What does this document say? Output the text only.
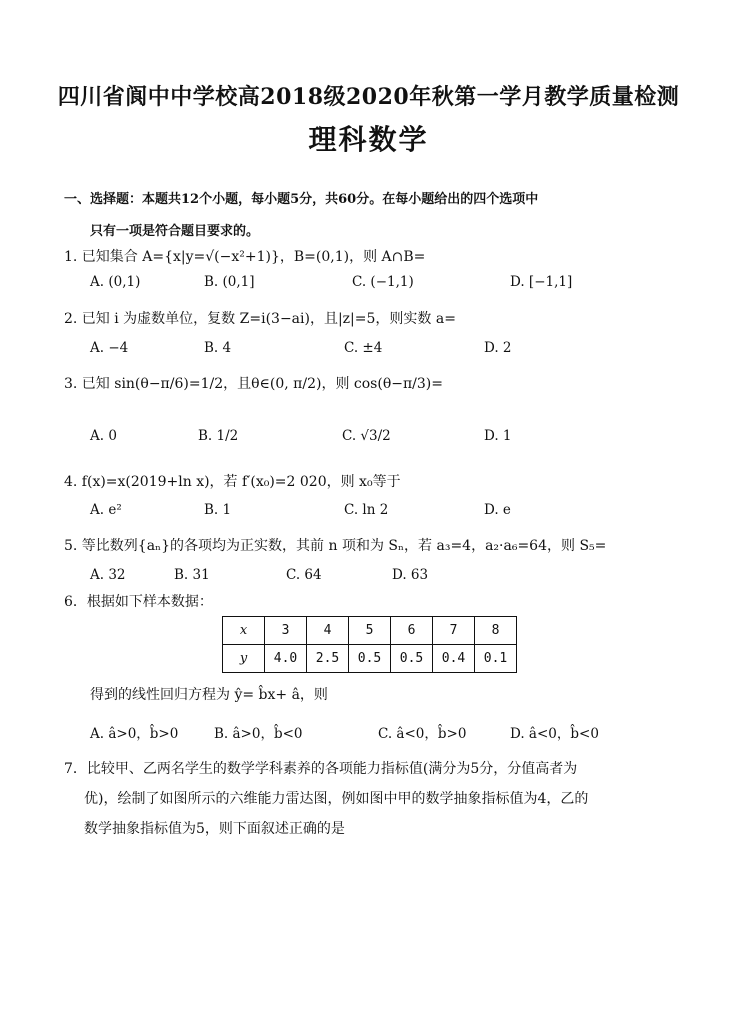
四川省阆中中学校高2018级2020年秋第一学月教学质量检测
理科数学
一、选择题：本题共12个小题，每小题5分，共60分。在每小题给出的四个选项中
只有一项是符合题目要求的。
1. 已知集合 A={x|y=√(−x²+1)}，B=(0,1)，则 A∩B=
A. (0,1)	B. (0,1]	C. (−1,1)	D. [−1,1]
2. 已知 i 为虚数单位，复数 Z=i(3−ai)，且|z|=5，则实数 a=
A. −4	B. 4	C. ±4	D. 2
3. 已知 sin(θ−π/6)=1/2，且θ∈(0, π/2)，则 cos(θ−π/3)=
A. 0	B. 1/2	C. √3/2	D. 1
4. f(x)=x(2019+ln x)，若 f′(x₀)=2 020，则 x₀等于
A. e²	B. 1	C. ln 2	D. e
5. 等比数列{aₙ}的各项均为正实数，其前 n 项和为 Sₙ，若 a₃=4，a₂·a₆=64，则 S₅=
A. 32	B. 31	C. 64	D. 63
6．根据如下样本数据：
x	3	4	5	6	7	8
y	4.0	2.5	0.5	0.5	0.4	0.1
得到的线性回归方程为 ŷ= b̂x+ â，则
A. â>0，b̂>0	B. â>0，b̂<0	C. â<0，b̂>0	D. â<0，b̂<0
7．比较甲、乙两名学生的数学学科素养的各项能力指标值(满分为5分，分值高者为
优)，绘制了如图所示的六维能力雷达图，例如图中甲的数学抽象指标值为4，乙的
数学抽象指标值为5，则下面叙述正确的是
